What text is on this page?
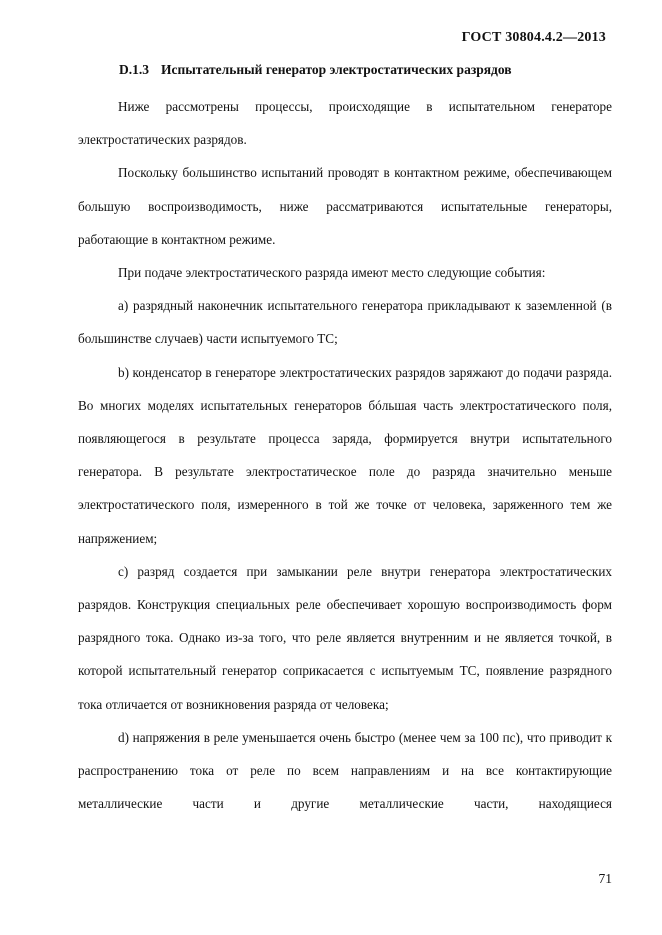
ГОСТ 30804.4.2—2013
D.1.3 Испытательный генератор электростатических разрядов

Ниже рассмотрены процессы, происходящие в испытательном генераторе электростатических разрядов.

Поскольку большинство испытаний проводят в контактном режиме, обеспечивающем большую воспроизводимость, ниже рассматриваются испытательные генераторы, работающие в контактном режиме.

При подаче электростатического разряда имеют место следующие события:

a) разрядный наконечник испытательного генератора прикладывают к заземленной (в большинстве случаев) части испытуемого ТС;

b) конденсатор в генераторе электростатических разрядов заряжают до подачи разряда. Во многих моделях испытательных генераторов бóльшая часть электростатического поля, появляющегося в результате процесса заряда, формируется внутри испытательного генератора. В результате электростатическое поле до разряда значительно меньше электростатического поля, измеренного в той же точке от человека, заряженного тем же напряжением;

c) разряд создается при замыкании реле внутри генератора электростатических разрядов. Конструкция специальных реле обеспечивает хорошую воспроизводимость форм разрядного тока. Однако из-за того, что реле является внутренним и не является точкой, в которой испытательный генератор соприкасается с испытуемым ТС, появление разрядного тока отличается от возникновения разряда от человека;

d) напряжения в реле уменьшается очень быстро (менее чем за 100 пс), что приводит к распространению тока от реле по всем направлениям и на все контактирующие металлические части и другие металлические части, находящиеся

71
